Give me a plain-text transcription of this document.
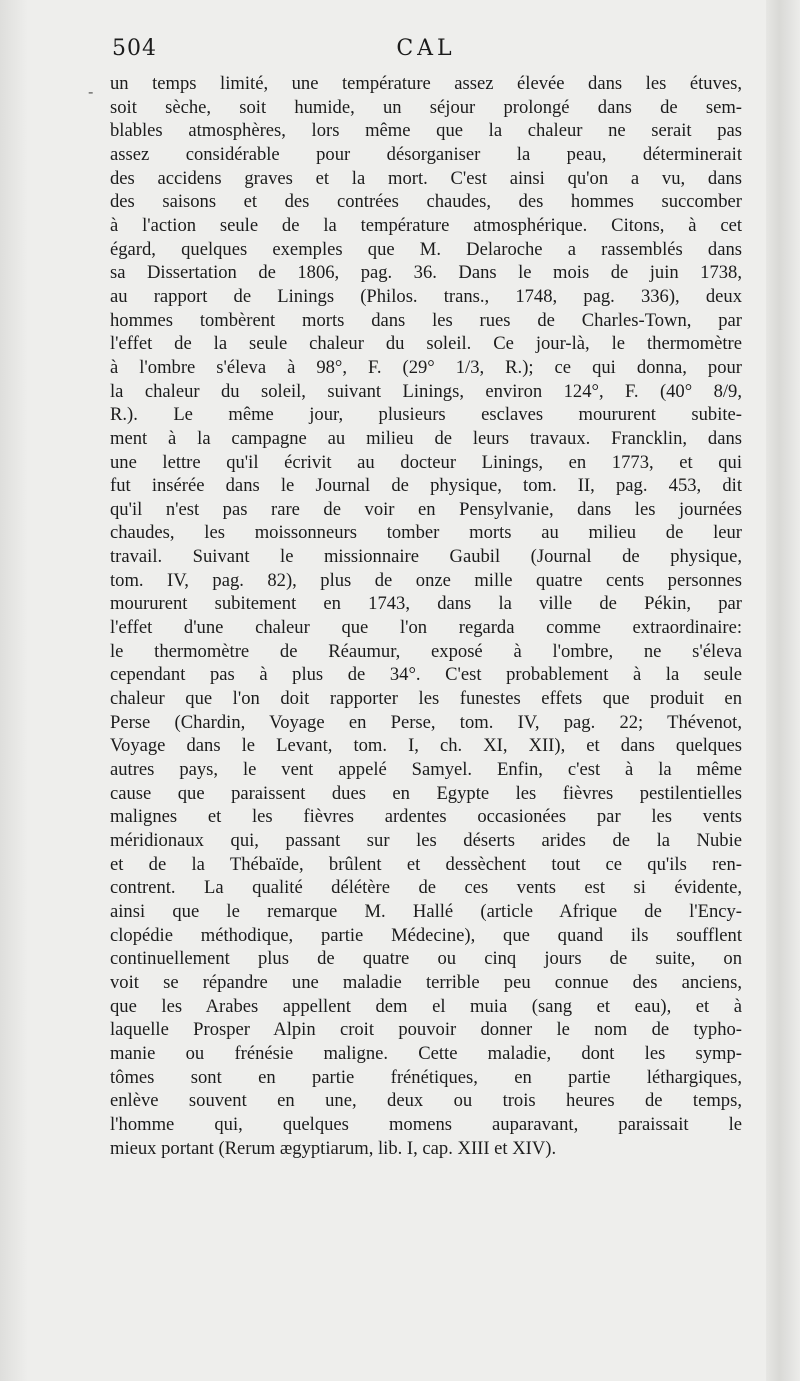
504	CAL
- un temps limité, une température assez élevée dans les étuves,
soit sèche, soit humide, un séjour prolongé dans de sem-
blables atmosphères, lors même que la chaleur ne serait pas
assez considérable pour désorganiser la peau, déterminerait
des accidens graves et la mort. C'est ainsi qu'on a vu, dans
des saisons et des contrées chaudes, des hommes succomber
à l'action seule de la température atmosphérique. Citons, à cet
égard, quelques exemples que M. Delaroche a rassemblés dans
sa Dissertation de 1806, pag. 36. Dans le mois de juin 1738,
au rapport de Linings (Philos. trans., 1748, pag. 336), deux
hommes tombèrent morts dans les rues de Charles-Town, par
l'effet de la seule chaleur du soleil. Ce jour-là, le thermomètre
à l'ombre s'éleva à 98°, F. (29° 1/3, R.); ce qui donna, pour
la chaleur du soleil, suivant Linings, environ 124°, F. (40° 8/9,
R.). Le même jour, plusieurs esclaves moururent subite-
ment à la campagne au milieu de leurs travaux. Francklin, dans
une lettre qu'il écrivit au docteur Linings, en 1773, et qui
fut insérée dans le Journal de physique, tom. II, pag. 453, dit
qu'il n'est pas rare de voir en Pensylvanie, dans les journées
chaudes, les moissonneurs tomber morts au milieu de leur
travail. Suivant le missionnaire Gaubil (Journal de physique,
tom. IV, pag. 82), plus de onze mille quatre cents personnes
moururent subitement en 1743, dans la ville de Pékin, par
l'effet d'une chaleur que l'on regarda comme extraordinaire:
le thermomètre de Réaumur, exposé à l'ombre, ne s'éleva
cependant pas à plus de 34°. C'est probablement à la seule
chaleur que l'on doit rapporter les funestes effets que produit en
Perse (Chardin, Voyage en Perse, tom. IV, pag. 22; Thévenot,
Voyage dans le Levant, tom. I, ch. XI, XII), et dans quelques
autres pays, le vent appelé Samyel. Enfin, c'est à la même
cause que paraissent dues en Egypte les fièvres pestilentielles
malignes et les fièvres ardentes occasionées par les vents
méridionaux qui, passant sur les déserts arides de la Nubie
et de la Thébaïde, brûlent et dessèchent tout ce qu'ils ren-
contrent. La qualité délétère de ces vents est si évidente,
ainsi que le remarque M. Hallé (article Afrique de l'Ency-
clopédie méthodique, partie Médecine), que quand ils soufflent
continuellement plus de quatre ou cinq jours de suite, on
voit se répandre une maladie terrible peu connue des anciens,
que les Arabes appellent dem el muia (sang et eau), et à
laquelle Prosper Alpin croit pouvoir donner le nom de typho-
manie ou frénésie maligne. Cette maladie, dont les symp-
tômes sont en partie frénétiques, en partie léthargiques,
enlève souvent en une, deux ou trois heures de temps,
l'homme qui, quelques momens auparavant, paraissait le
mieux portant (Rerum ægyptiarum, lib. I, cap. XIII et XIV).
